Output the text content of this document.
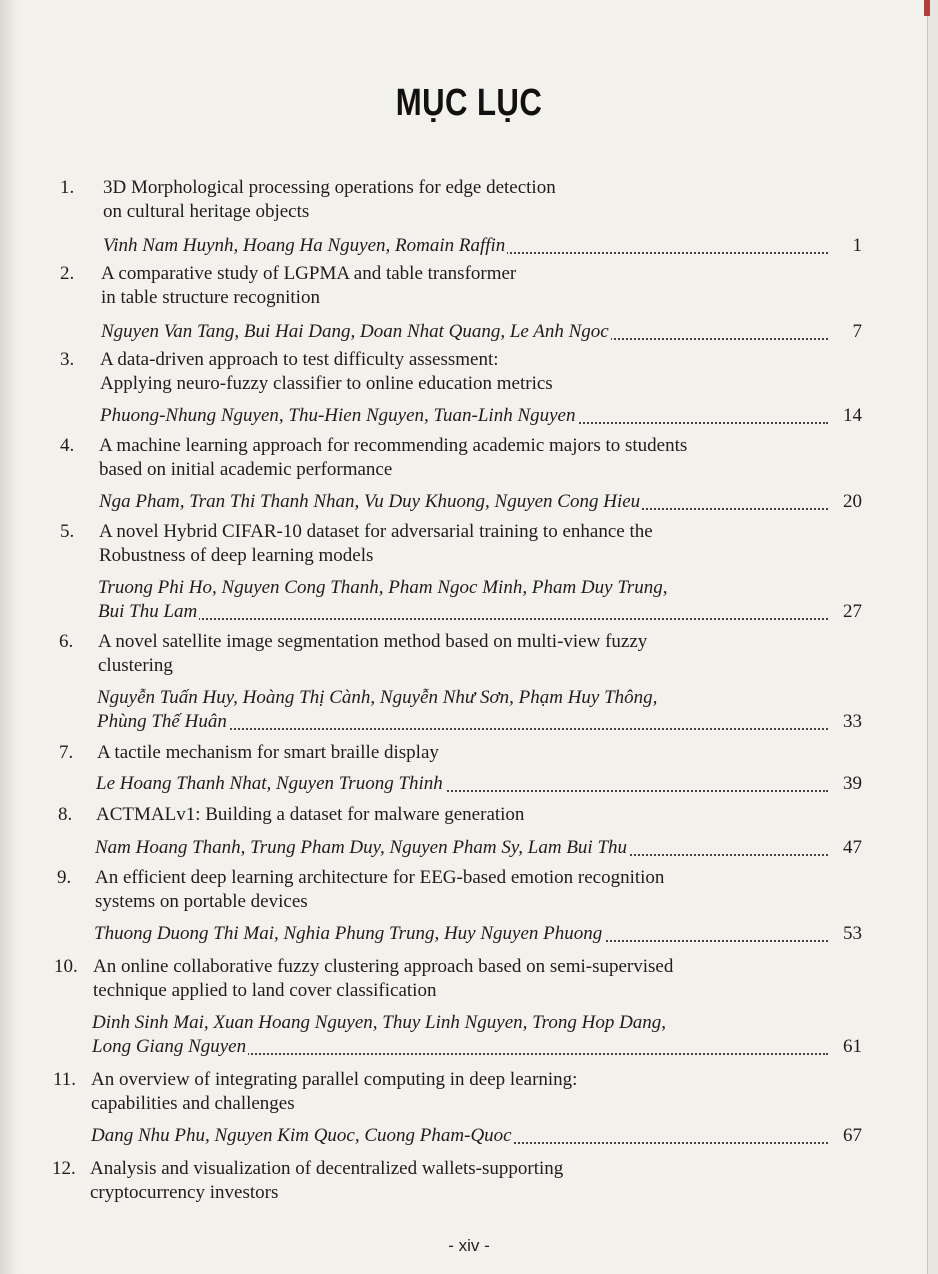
MỤC LỤC
1.	3D Morphological processing operations for edge detection
on cultural heritage objects
Vinh Nam Huynh, Hoang Ha Nguyen, Romain Raffin	1
2.	A comparative study of LGPMA and table transformer
in table structure recognition
Nguyen Van Tang, Bui Hai Dang, Doan Nhat Quang, Le Anh Ngoc	7
3.	A data-driven approach to test difficulty assessment:
Applying neuro-fuzzy classifier to online education metrics
Phuong-Nhung Nguyen, Thu-Hien Nguyen, Tuan-Linh Nguyen	14
4.	A machine learning approach for recommending academic majors to students
based on initial academic performance
Nga Pham, Tran Thi Thanh Nhan, Vu Duy Khuong, Nguyen Cong Hieu	20
5.	A novel Hybrid CIFAR-10 dataset for adversarial training to enhance the
Robustness of deep learning models
Truong Phi Ho, Nguyen Cong Thanh, Pham Ngoc Minh, Pham Duy Trung,
Bui Thu Lam	27
6.	A novel satellite image segmentation method based on multi-view fuzzy
clustering
Nguyễn Tuấn Huy, Hoàng Thị Cành, Nguyễn Như Sơn, Phạm Huy Thông,
Phùng Thế Huân	33
7.	A tactile mechanism for smart braille display
Le Hoang Thanh Nhat, Nguyen Truong Thinh	39
8.	ACTMALv1: Building a dataset for malware generation
Nam Hoang Thanh, Trung Pham Duy, Nguyen Pham Sy, Lam Bui Thu	47
9.	An efficient deep learning architecture for EEG-based emotion recognition
systems on portable devices
Thuong Duong Thi Mai, Nghia Phung Trung, Huy Nguyen Phuong	53
10. An online collaborative fuzzy clustering approach based on semi-supervised
technique applied to land cover classification
Dinh Sinh Mai, Xuan Hoang Nguyen, Thuy Linh Nguyen, Trong Hop Dang,
Long Giang Nguyen	61
11. An overview of integrating parallel computing in deep learning:
capabilities and challenges
Dang Nhu Phu, Nguyen Kim Quoc, Cuong Pham-Quoc	67
12. Analysis and visualization of decentralized wallets-supporting
cryptocurrency investors
- xiv -
